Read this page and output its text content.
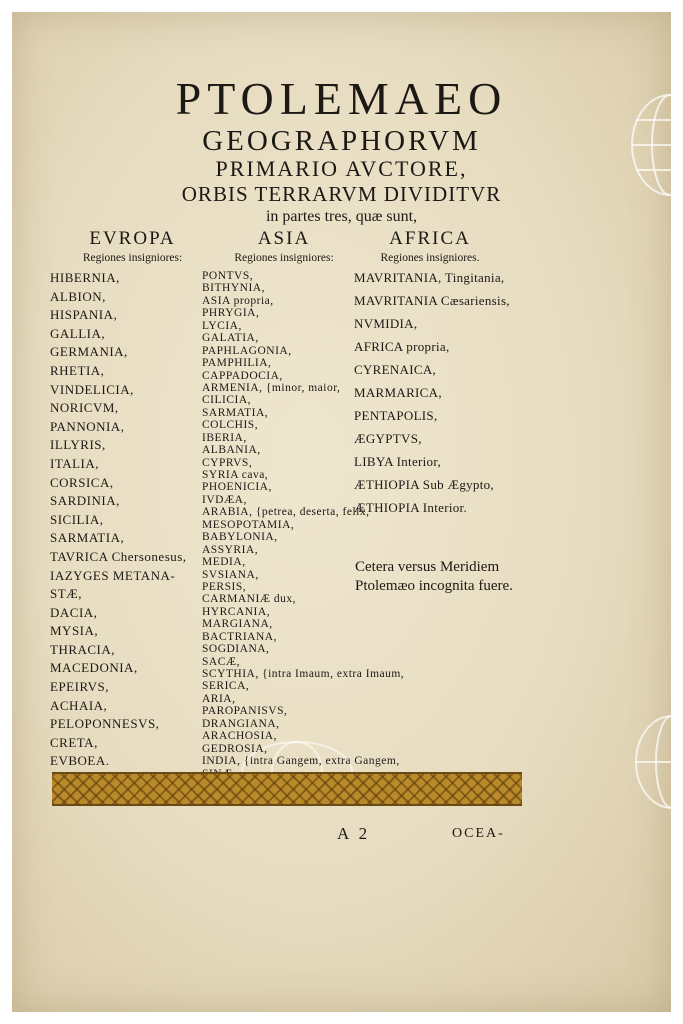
PTOLEMAEO
GEOGRAPHORVM
PRIMARIO AVCTORE,
ORBIS TERRARVM DIVIDITVR
in partes tres, quæ sunt,
EVROPA
Regiones insigniores:
ASIA
Regiones insigniores:
AFRICA
Regiones insigniores.
HIBERNIA,
ALBION,
HISPANIA,
GALLIA,
GERMANIA,
RHETIA,
VINDELICIA,
NORICVM,
PANNONIA,
ILLYRIS,
ITALIA,
CORSICA,
SARDINIA,
SICILIA,
SARMATIA,
TAVRICA Chersonesus,
IAZYGES METANA-
STÆ,
DACIA,
MYSIA,
THRACIA,
MACEDONIA,
EPEIRVS,
ACHAIA,
PELOPONNESVS,
CRETA,
EVBOEA.
PONTVS,
BITHYNIA,
ASIA propria,
PHRYGIA,
LYCIA,
GALATIA,
PAPHLAGONIA,
PAMPHILIA,
CAPPADOCIA,
ARMENIA, {minor, maior,
CILICIA,
SARMATIA,
COLCHIS,
IBERIA,
ALBANIA,
CYPRVS,
SYRIA cava,
PHOENICIA,
IVDÆA,
ARABIA, {petrea, deserta, felix,
MESOPOTAMIA,
BABYLONIA,
ASSYRIA,
MEDIA,
SVSIANA,
PERSIS,
CARMANIÆ dux,
HYRCANIA,
MARGIANA,
BACTRIANA,
SOGDIANA,
SACÆ,
SCYTHIA, {intra Imaum, extra Imaum,
SERICA,
ARIA,
PAROPANISVS,
DRANGIANA,
ARACHOSIA,
GEDROSIA,
INDIA, {intra Gangem, extra Gangem,
MAVRITANIA, Tingitania,
MAVRITANIA Cæsariensis,
NVMIDIA,
AFRICA propria,
CYRENAICA,
MARMARICA,
PENTAPOLIS,
ÆGYPTVS,
LIBYA Interior,
ÆTHIOPIA Sub Ægypto,
ÆTHIOPIA Interior.
Cetera versus Meridiem Ptolemæo incognita fuere.
A 2	OCEA-
